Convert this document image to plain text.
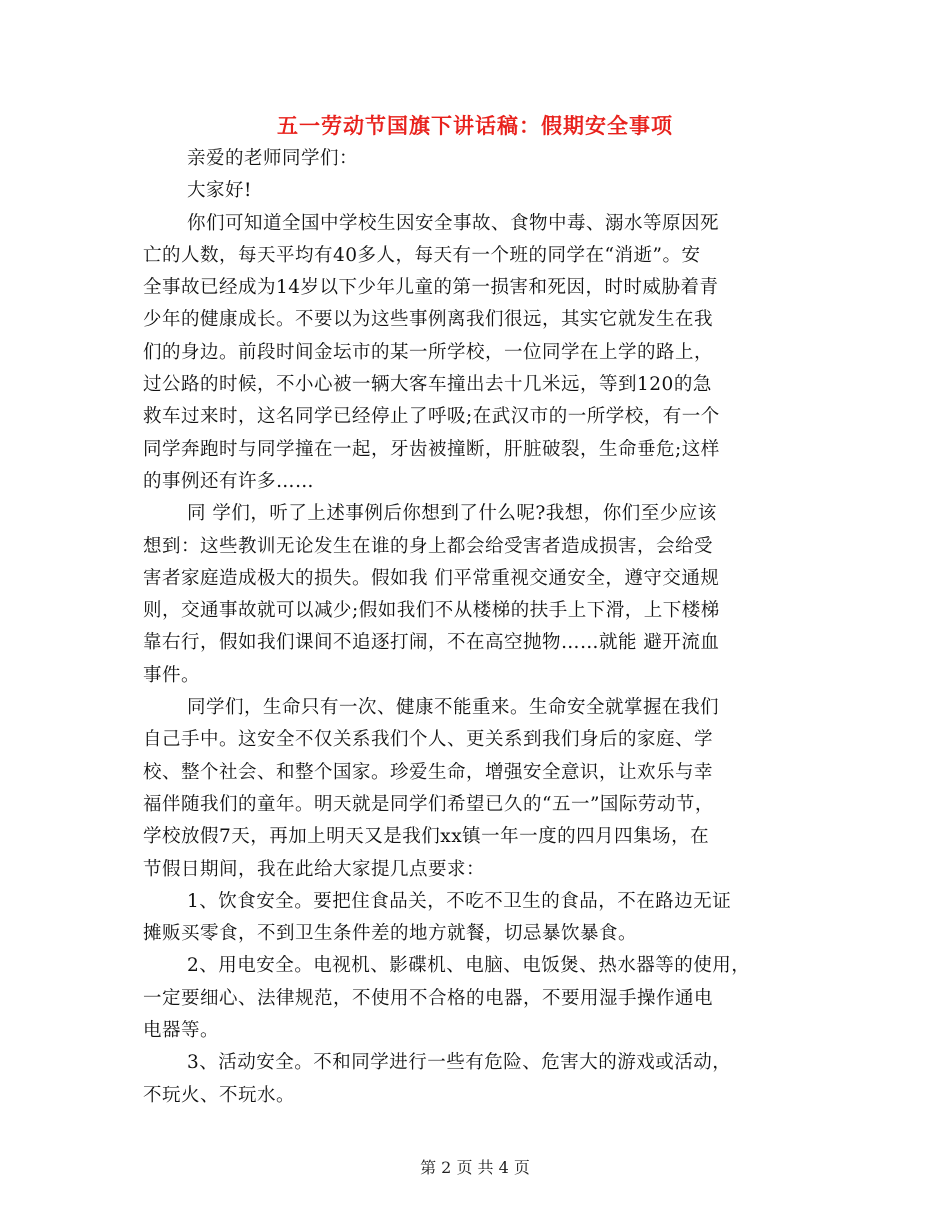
五一劳动节国旗下讲话稿：假期安全事项
亲爱的老师同学们：
大家好!
你们可知道全国中学校生因安全事故、食物中毒、溺水等原因死
亡的人数，每天平均有40多人，每天有一个班的同学在“消逝”。安
全事故已经成为14岁以下少年儿童的第一损害和死因，时时威胁着青
少年的健康成长。不要以为这些事例离我们很远，其实它就发生在我
们的身边。前段时间金坛市的某一所学校，一位同学在上学的路上，
过公路的时候，不小心被一辆大客车撞出去十几米远，等到120的急
救车过来时，这名同学已经停止了呼吸;在武汉市的一所学校，有一个
同学奔跑时与同学撞在一起，牙齿被撞断，肝脏破裂，生命垂危;这样
的事例还有许多……
同 学们，听了上述事例后你想到了什么呢?我想，你们至少应该
想到：这些教训无论发生在谁的身上都会给受害者造成损害，会给受
害者家庭造成极大的损失。假如我 们平常重视交通安全，遵守交通规
则，交通事故就可以减少;假如我们不从楼梯的扶手上下滑，上下楼梯
靠右行，假如我们课间不追逐打闹，不在高空抛物……就能 避开流血
事件。
同学们，生命只有一次、健康不能重来。生命安全就掌握在我们
自己手中。这安全不仅关系我们个人、更关系到我们身后的家庭、学
校、整个社会、和整个国家。珍爱生命，增强安全意识，让欢乐与幸
福伴随我们的童年。明天就是同学们希望已久的“五一”国际劳动节，
学校放假7天，再加上明天又是我们xx镇一年一度的四月四集场，在
节假日期间，我在此给大家提几点要求：
1、饮食安全。要把住食品关，不吃不卫生的食品，不在路边无证
摊贩买零食，不到卫生条件差的地方就餐，切忌暴饮暴食。
2、用电安全。电视机、影碟机、电脑、电饭煲、热水器等的使用，
一定要细心、法律规范，不使用不合格的电器，不要用湿手操作通电
电器等。
3、活动安全。不和同学进行一些有危险、危害大的游戏或活动，
不玩火、不玩水。
第 2 页 共 4 页
